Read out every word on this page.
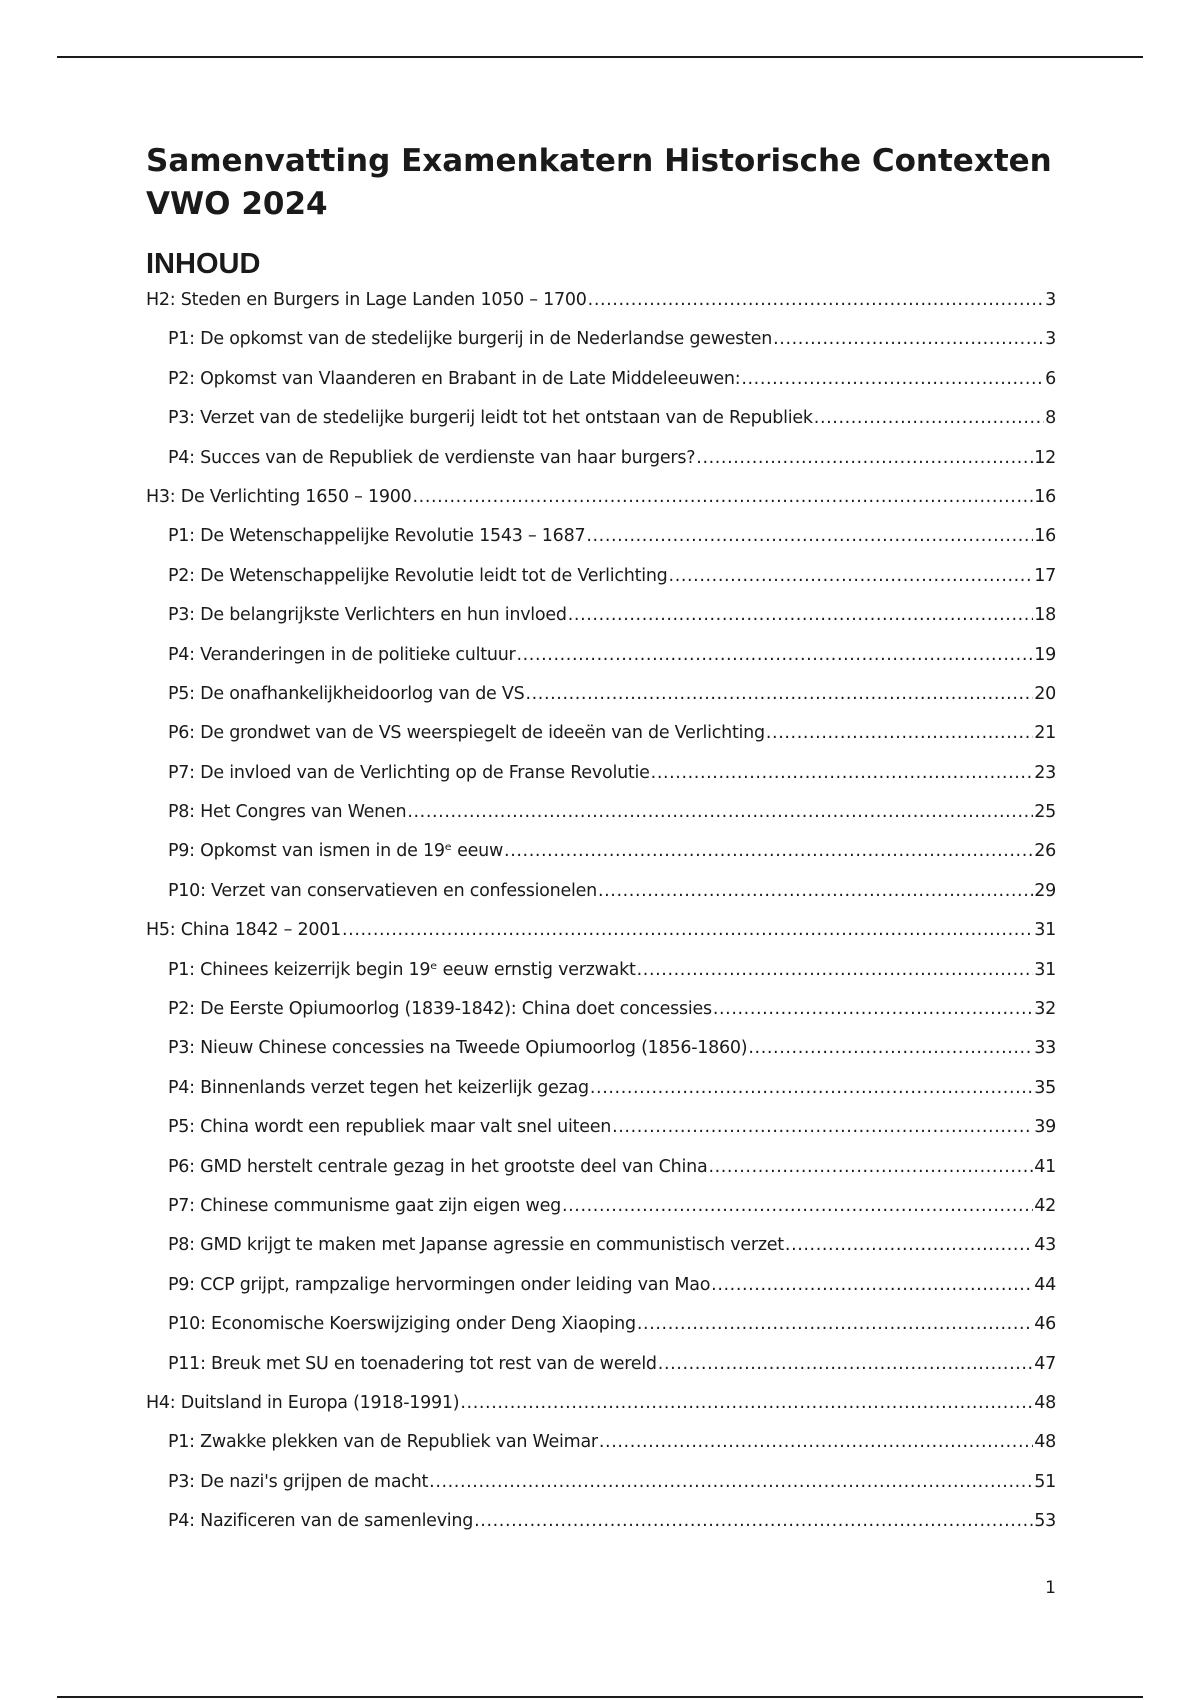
Samenvatting Examenkatern Historische Contexten VWO 2024
INHOUD
H2: Steden en Burgers in Lage Landen 1050 – 1700 .....	3
P1: De opkomst van de stedelijke burgerij in de Nederlandse gewesten .....	3
P2: Opkomst van Vlaanderen en Brabant in de Late Middeleeuwen: .....	6
P3: Verzet van de stedelijke burgerij leidt tot het ontstaan van de Republiek .....	8
P4: Succes van de Republiek de verdienste van haar burgers? .....	12
H3: De Verlichting 1650 – 1900 .....	16
P1: De Wetenschappelijke Revolutie 1543 – 1687 .....	16
P2: De Wetenschappelijke Revolutie leidt tot de Verlichting .....	17
P3: De belangrijkste Verlichters en hun invloed .....	18
P4: Veranderingen in de politieke cultuur .....	19
P5: De onafhankelijkheidoorlog van de VS .....	20
P6: De grondwet van de VS weerspiegelt de ideeën van de Verlichting .....	21
P7: De invloed van de Verlichting op de Franse Revolutie .....	23
P8: Het Congres van Wenen .....	25
P9: Opkomst van ismen in de 19ᵉ eeuw .....	26
P10: Verzet van conservatieven en confessionelen .....	29
H5: China 1842 – 2001 .....	31
P1: Chinees keizerrijk begin 19ᵉ eeuw ernstig verzwakt .....	31
P2: De Eerste Opiumoorlog (1839-1842): China doet concessies .....	32
P3: Nieuw Chinese concessies na Tweede Opiumoorlog (1856-1860) .....	33
P4: Binnenlands verzet tegen het keizerlijk gezag .....	35
P5: China wordt een republiek maar valt snel uiteen .....	39
P6: GMD herstelt centrale gezag in het grootste deel van China .....	41
P7: Chinese communisme gaat zijn eigen weg .....	42
P8: GMD krijgt te maken met Japanse agressie en communistisch verzet .....	43
P9: CCP grijpt, rampzalige hervormingen onder leiding van Mao .....	44
P10: Economische Koerswijziging onder Deng Xiaoping .....	46
P11: Breuk met SU en toenadering tot rest van de wereld .....	47
H4: Duitsland in Europa (1918-1991) .....	48
P1: Zwakke plekken van de Republiek van Weimar .....	48
P3: De nazi's grijpen de macht .....	51
P4: Nazificeren van de samenleving .....	53
1
